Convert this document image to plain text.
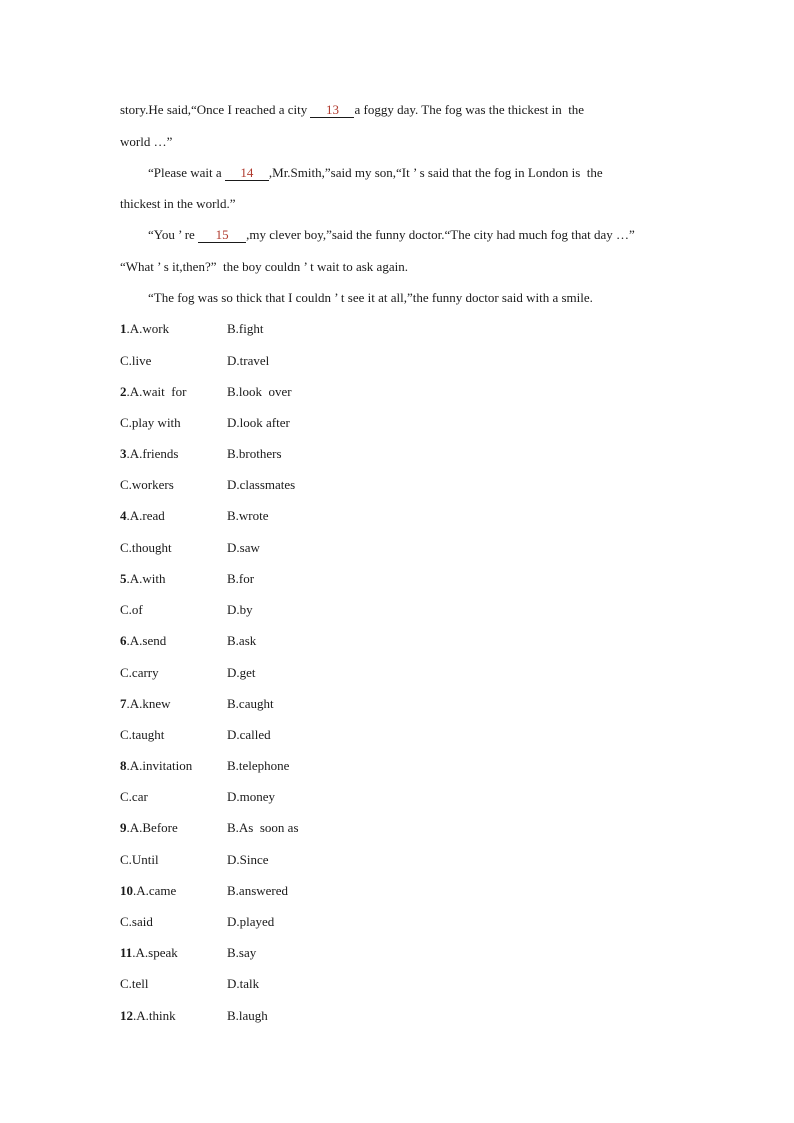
story.He said,“Once I reached a city 13 a foggy day. The fog was the thickest in  the
world …”
“Please wait a 14 ,Mr.Smith,”said my son,“It ’ s said that the fog in London is  the
thickest in the world.”
“You ’ re 15 ,my clever boy,”said the funny doctor.“The city had much fog that day …”
“What ’ s it,then?”  the boy couldn ’ t wait to ask again.
“The fog was so thick that I couldn ’ t see it at all,”the funny doctor said with a smile.
1.A.work	B.fight
C.live	D.travel
2.A.wait  for	B.look  over
C.play with	D.look after
3.A.friends	B.brothers
C.workers	D.classmates
4.A.read	B.wrote
C.thought	D.saw
5.A.with	B.for
C.of	D.by
6.A.send	B.ask
C.carry	D.get
7.A.knew	B.caught
C.taught	D.called
8.A.invitation	B.telephone
C.car	D.money
9.A.Before	B.As  soon as
C.Until	D.Since
10.A.came	B.answered
C.said	D.played
11.A.speak	B.say
C.tell	D.talk
12.A.think	B.laugh
